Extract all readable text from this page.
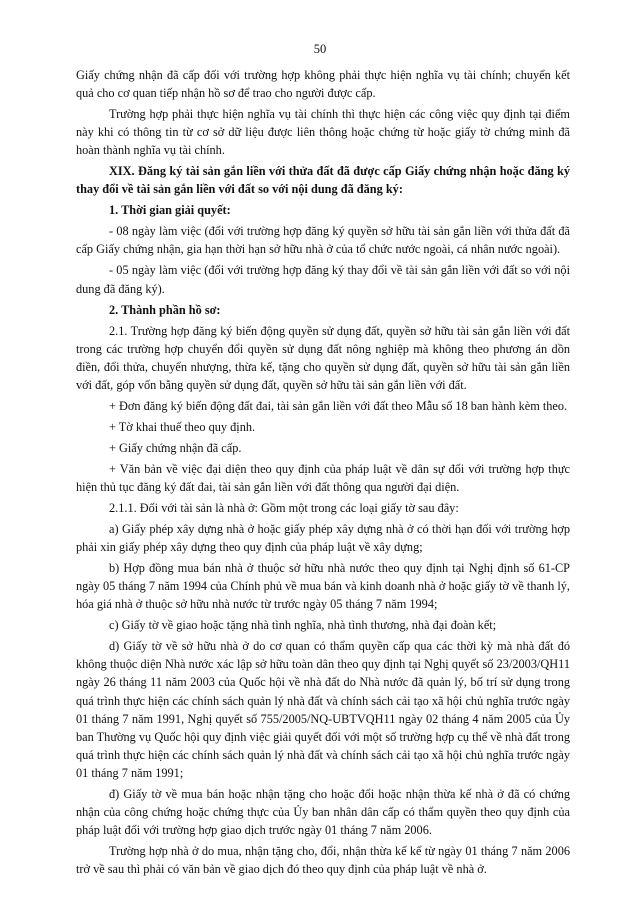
50

Giấy chứng nhận đã cấp đối với trường hợp không phải thực hiện nghĩa vụ tài chính; chuyển kết quả cho cơ quan tiếp nhận hồ sơ để trao cho người được cấp.

Trường hợp phải thực hiện nghĩa vụ tài chính thì thực hiện các công việc quy định tại điểm này khi có thông tin từ cơ sở dữ liệu được liên thông hoặc chứng từ hoặc giấy tờ chứng minh đã hoàn thành nghĩa vụ tài chính.

XIX. Đăng ký tài sản gắn liền với thửa đất đã được cấp Giấy chứng nhận hoặc đăng ký thay đổi về tài sản gắn liền với đất so với nội dung đã đăng ký:

1. Thời gian giải quyết:

- 08 ngày làm việc (đối với trường hợp đăng ký quyền sở hữu tài sản gắn liền với thửa đất đã cấp Giấy chứng nhận, gia hạn thời hạn sở hữu nhà ở của tổ chức nước ngoài, cá nhân nước ngoài).

- 05 ngày làm việc (đối với trường hợp đăng ký thay đổi về tài sản gắn liền với đất so với nội dung đã đăng ký).

2. Thành phần hồ sơ:

2.1. Trường hợp đăng ký biến động quyền sử dụng đất, quyền sở hữu tài sản gắn liền với đất trong các trường hợp chuyển đổi quyền sử dụng đất nông nghiệp mà không theo phương án dồn điền, đổi thửa, chuyển nhượng, thừa kế, tặng cho quyền sử dụng đất, quyền sở hữu tài sản gắn liền với đất, góp vốn bằng quyền sử dụng đất, quyền sở hữu tài sản gắn liền với đất.

+ Đơn đăng ký biến động đất đai, tài sản gắn liền với đất theo Mẫu số 18 ban hành kèm theo.

+ Tờ khai thuế theo quy định.

+ Giấy chứng nhận đã cấp.

+ Văn bản về việc đại diện theo quy định của pháp luật về dân sự đối với trường hợp thực hiện thủ tục đăng ký đất đai, tài sản gắn liền với đất thông qua người đại diện.

2.1.1. Đối với tài sản là nhà ở: Gồm một trong các loại giấy tờ sau đây:

a) Giấy phép xây dựng nhà ở hoặc giấy phép xây dựng nhà ở có thời hạn đối với trường hợp phải xin giấy phép xây dựng theo quy định của pháp luật về xây dựng;

b) Hợp đồng mua bán nhà ở thuộc sở hữu nhà nước theo quy định tại Nghị định số 61-CP ngày 05 tháng 7 năm 1994 của Chính phủ về mua bán và kinh doanh nhà ở hoặc giấy tờ về thanh lý, hóa giá nhà ở thuộc sở hữu nhà nước từ trước ngày 05 tháng 7 năm 1994;

c) Giấy tờ về giao hoặc tặng nhà tình nghĩa, nhà tình thương, nhà đại đoàn kết;

d) Giấy tờ về sở hữu nhà ở do cơ quan có thẩm quyền cấp qua các thời kỳ mà nhà đất đó không thuộc diện Nhà nước xác lập sở hữu toàn dân theo quy định tại Nghị quyết số 23/2003/QH11 ngày 26 tháng 11 năm 2003 của Quốc hội về nhà đất do Nhà nước đã quản lý, bố trí sử dụng trong quá trình thực hiện các chính sách quản lý nhà đất và chính sách cải tạo xã hội chủ nghĩa trước ngày 01 tháng 7 năm 1991, Nghị quyết số 755/2005/NQ-UBTVQH11 ngày 02 tháng 4 năm 2005 của Ủy ban Thường vụ Quốc hội quy định việc giải quyết đối với một số trường hợp cụ thể về nhà đất trong quá trình thực hiện các chính sách quản lý nhà đất và chính sách cải tạo xã hội chủ nghĩa trước ngày 01 tháng 7 năm 1991;

đ) Giấy tờ về mua bán hoặc nhận tặng cho hoặc đổi hoặc nhận thừa kế nhà ở đã có chứng nhận của công chứng hoặc chứng thực của Ủy ban nhân dân cấp có thẩm quyền theo quy định của pháp luật đối với trường hợp giao dịch trước ngày 01 tháng 7 năm 2006.

Trường hợp nhà ở do mua, nhận tặng cho, đổi, nhận thừa kế kể từ ngày 01 tháng 7 năm 2006 trở về sau thì phải có văn bản về giao dịch đó theo quy định của pháp luật về nhà ở.
